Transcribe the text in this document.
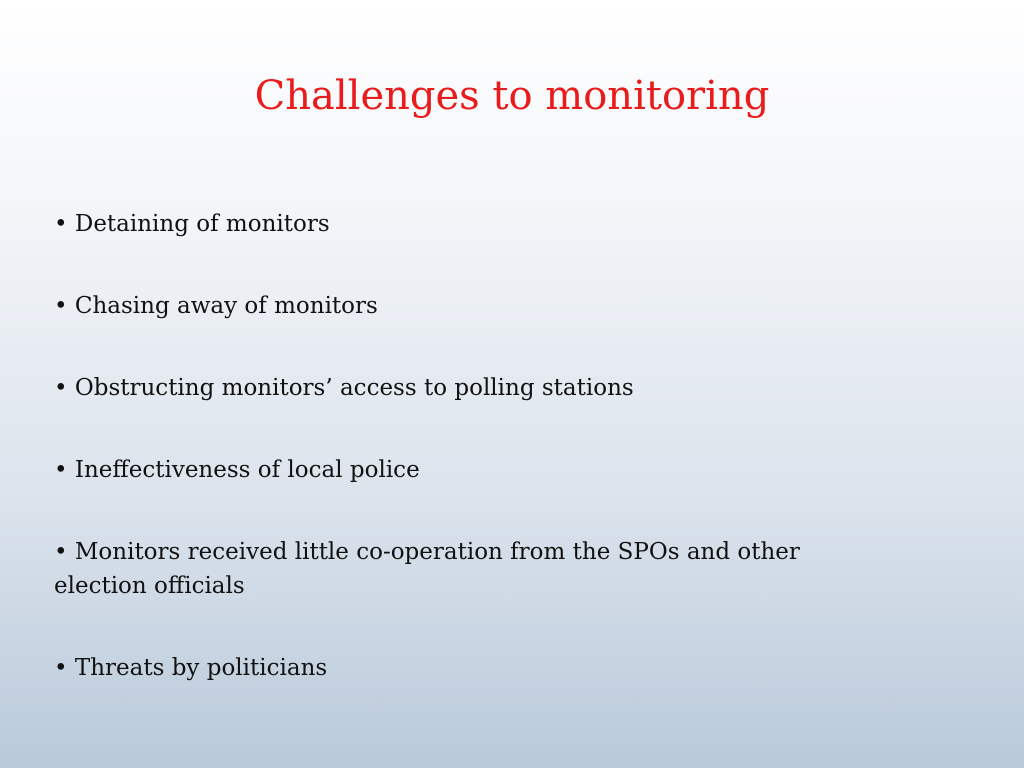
Challenges to monitoring
• Detaining of monitors
• Chasing away of monitors
• Obstructing monitors’ access to polling stations
• Ineffectiveness of local police
• Monitors received little co-operation from the SPOs and other election officials
• Threats by politicians
